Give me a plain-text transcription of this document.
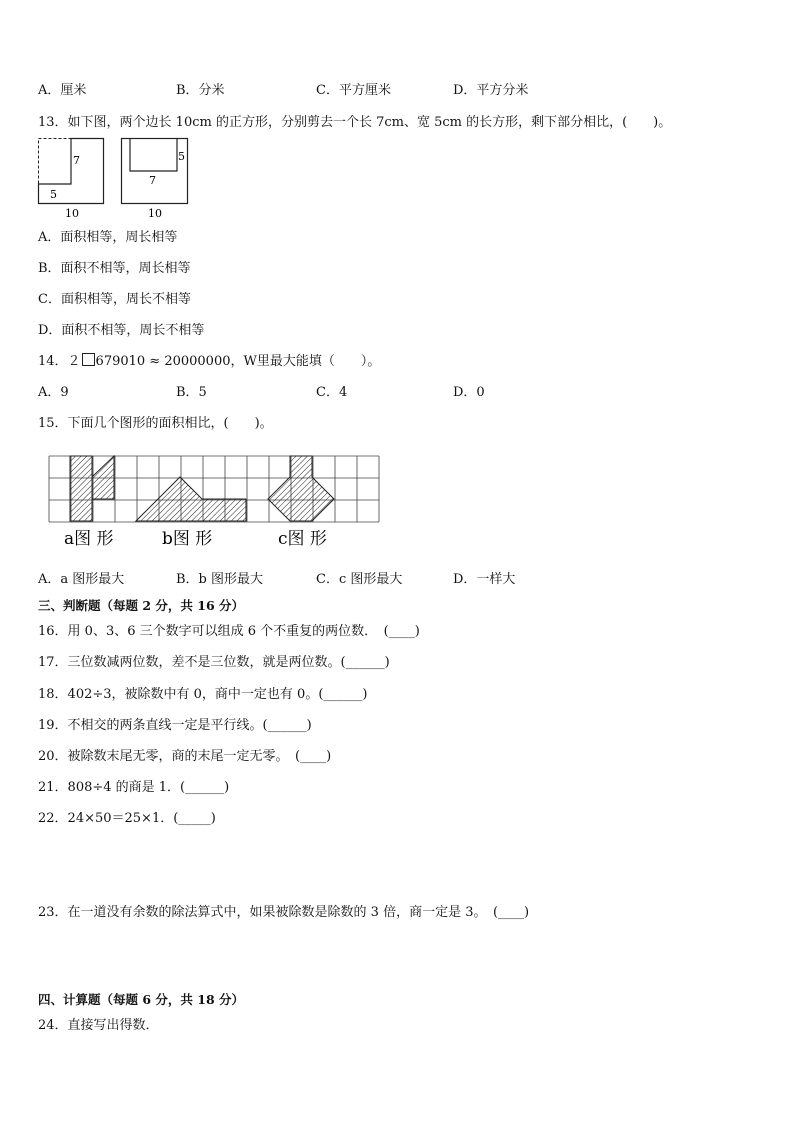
A．厘米	B．分米	C．平方厘米	D．平方分米
13．如下图，两个边长 10cm 的正方形，分别剪去一个长 7cm、宽 5cm 的长方形，剩下部分相比，(　　)。
7
5
10
5
7
10
A．面积相等，周长相等
B．面积不相等，周长相等
C．面积相等，周长不相等
D．面积不相等，周长不相等
14．２ 679010 ≈ 20000000，W里最大能填（　　）。
A．9	B．5	C．4	D．0
15．下面几个图形的面积相比，(　　)。
a图 形	b图 形	c图 形
A．a 图形最大	B．b 图形最大	C．c 图形最大	D．一样大
三、判断题（每题 2 分，共 16 分）
16．用 0、3、6 三个数字可以组成 6 个不重复的两位数．　(____)
17．三位数减两位数，差不是三位数，就是两位数。(______)
18．402÷3，被除数中有 0，商中一定也有 0。(______)
19．不相交的两条直线一定是平行线。(______)
20．被除数末尾无零，商的末尾一定无零。　(____)
21．808÷4 的商是 1．(______)
22．24×50＝25×1．(_____)
23．在一道没有余数的除法算式中，如果被除数是除数的 3 倍，商一定是 3。　(____)
四、计算题（每题 6 分，共 18 分）
24．直接写出得数．
